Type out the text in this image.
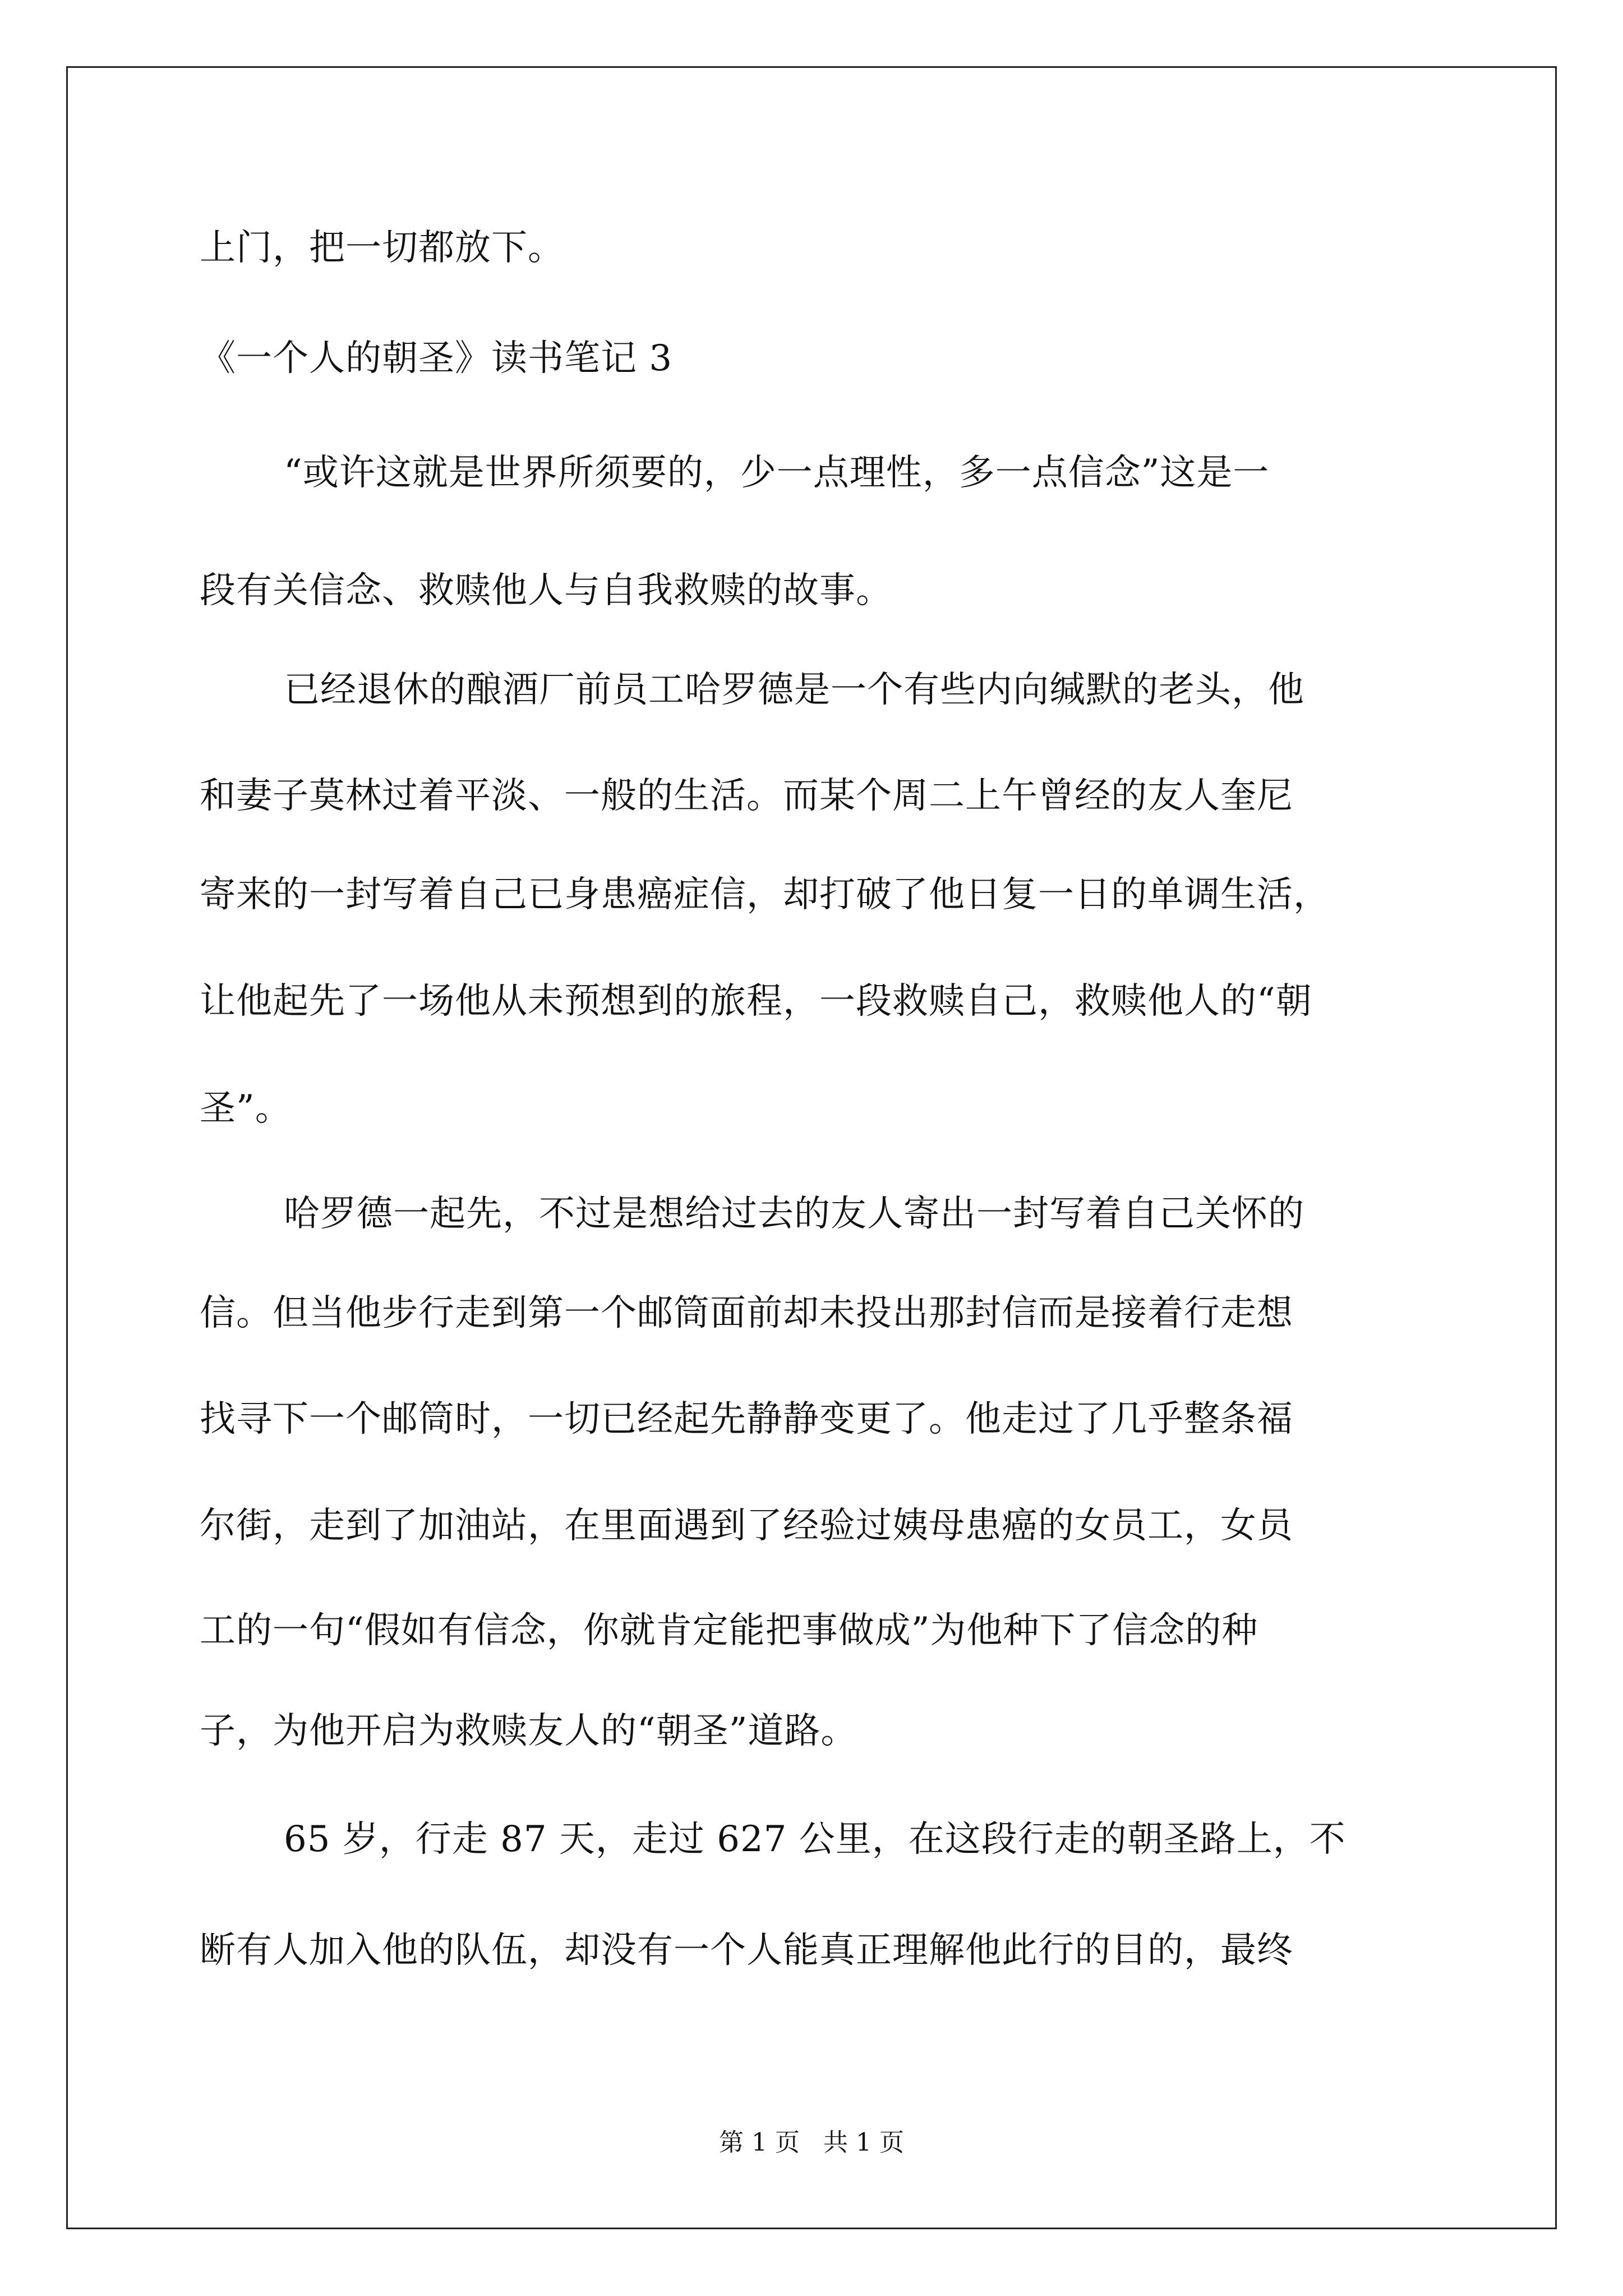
上门，把一切都放下。
《一个人的朝圣》读书笔记 3
“或许这就是世界所须要的，少一点理性，多一点信念”这是一
段有关信念、救赎他人与自我救赎的故事。
已经退休的酿酒厂前员工哈罗德是一个有些内向缄默的老头，他
和妻子莫林过着平淡、一般的生活。而某个周二上午曾经的友人奎尼
寄来的一封写着自己已身患癌症信，却打破了他日复一日的单调生活，
让他起先了一场他从未预想到的旅程，一段救赎自己，救赎他人的“朝
圣”。
哈罗德一起先，不过是想给过去的友人寄出一封写着自己关怀的
信。但当他步行走到第一个邮筒面前却未投出那封信而是接着行走想
找寻下一个邮筒时，一切已经起先静静变更了。他走过了几乎整条福
尔街，走到了加油站，在里面遇到了经验过姨母患癌的女员工，女员
工的一句“假如有信念，你就肯定能把事做成”为他种下了信念的种
子，为他开启为救赎友人的“朝圣”道路。
65 岁，行走 87 天，走过 627 公里，在这段行走的朝圣路上，不
断有人加入他的队伍，却没有一个人能真正理解他此行的目的，最终
第 1 页   共 1 页
